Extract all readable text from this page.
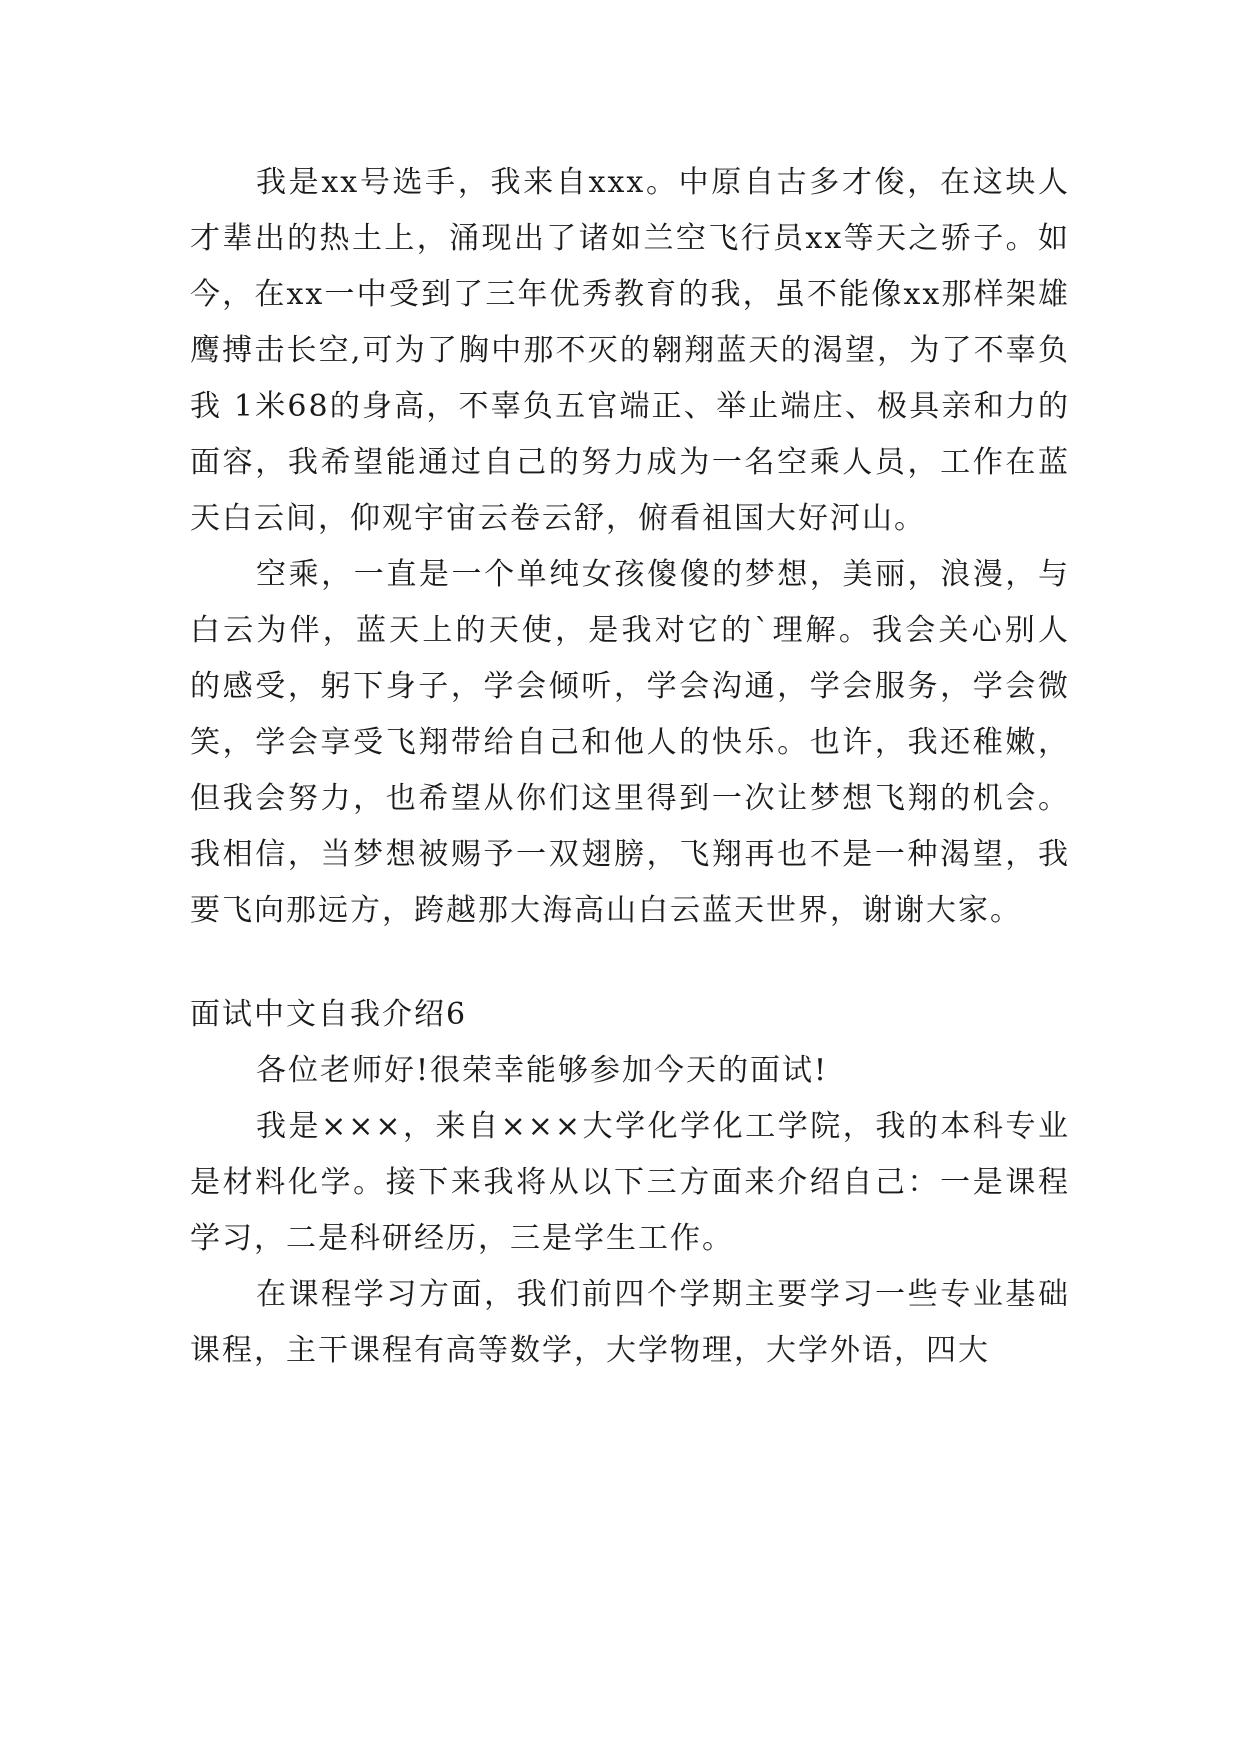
我是xx号选手，我来自xxx。中原自古多才俊，在这块人才辈出的热土上，涌现出了诸如兰空飞行员xx等天之骄子。如今，在xx一中受到了三年优秀教育的我，虽不能像xx那样架雄鹰搏击长空,可为了胸中那不灭的翱翔蓝天的渴望，为了不辜负我 1米68的身高，不辜负五官端正、举止端庄、极具亲和力的面容，我希望能通过自己的努力成为一名空乘人员，工作在蓝天白云间，仰观宇宙云卷云舒，俯看祖国大好河山。

空乘，一直是一个单纯女孩傻傻的梦想，美丽，浪漫，与白云为伴，蓝天上的天使，是我对它的`理解。我会关心别人的感受，躬下身子，学会倾听，学会沟通，学会服务，学会微笑，学会享受飞翔带给自己和他人的快乐。也许，我还稚嫩，但我会努力，也希望从你们这里得到一次让梦想飞翔的机会。我相信，当梦想被赐予一双翅膀，飞翔再也不是一种渴望，我要飞向那远方，跨越那大海高山白云蓝天世界，谢谢大家。

面试中文自我介绍6

各位老师好!很荣幸能够参加今天的面试!

我是×××，来自×××大学化学化工学院，我的本科专业是材料化学。接下来我将从以下三方面来介绍自己：一是课程学习，二是科研经历，三是学生工作。

在课程学习方面，我们前四个学期主要学习一些专业基础课程，主干课程有高等数学，大学物理，大学外语，四大
